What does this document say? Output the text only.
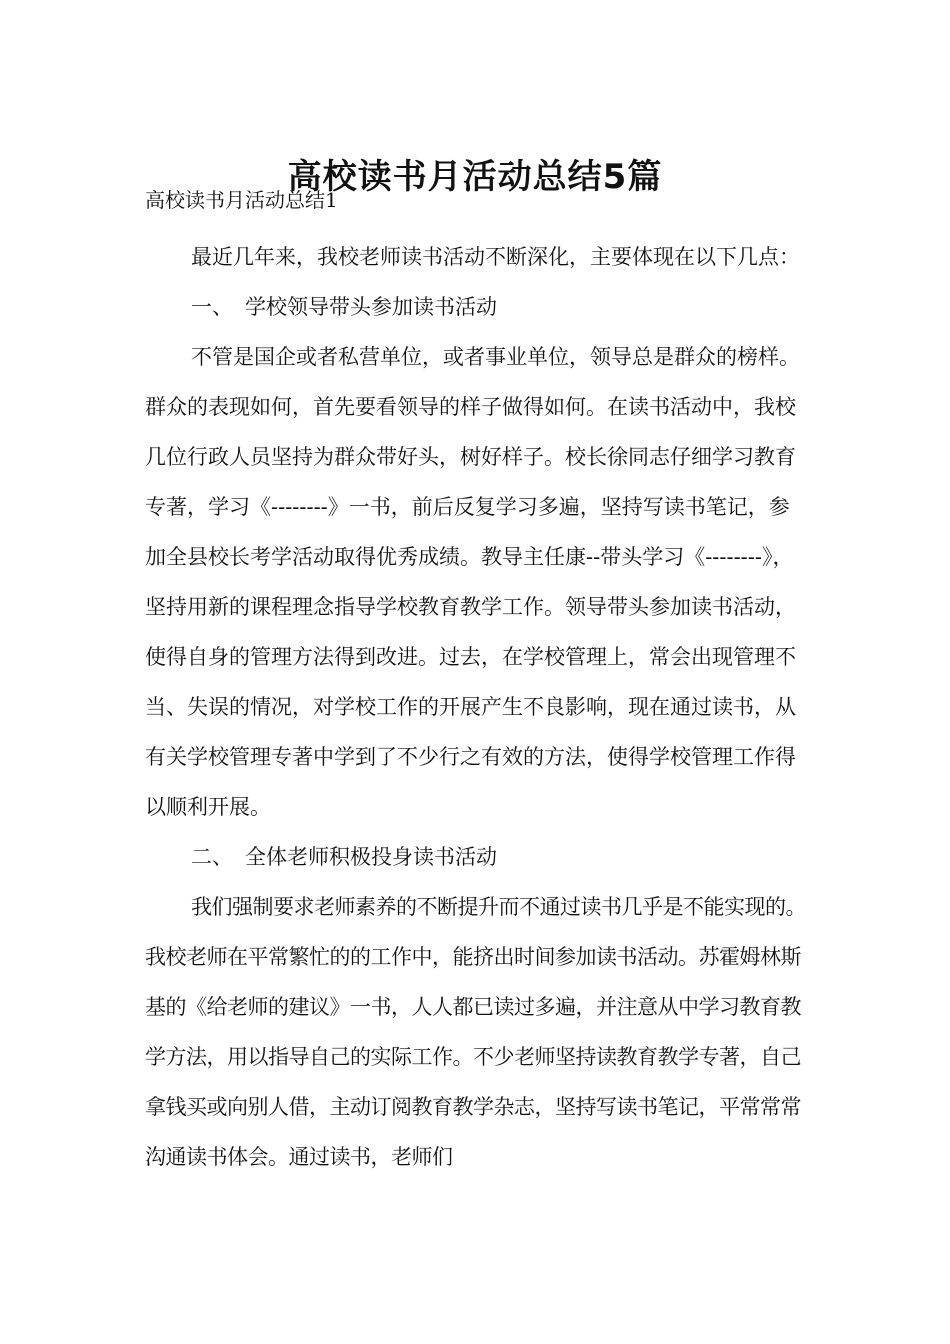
高校读书月活动总结5篇

高校读书月活动总结1

最近几年来，我校老师读书活动不断深化，主要体现在以下几点：

一、 学校领导带头参加读书活动

不管是国企或者私营单位，或者事业单位，领导总是群众的榜样。群众的表现如何，首先要看领导的样子做得如何。在读书活动中，我校几位行政人员坚持为群众带好头，树好样子。校长徐同志仔细学习教育专著，学习《--------》一书，前后反复学习多遍，坚持写读书笔记，参加全县校长考学活动取得优秀成绩。教导主任康--带头学习《--------》，坚持用新的课程理念指导学校教育教学工作。领导带头参加读书活动，使得自身的管理方法得到改进。过去，在学校管理上，常会出现管理不当、失误的情况，对学校工作的开展产生不良影响，现在通过读书，从有关学校管理专著中学到了不少行之有效的方法，使得学校管理工作得以顺利开展。

二、 全体老师积极投身读书活动

我们强制要求老师素养的不断提升而不通过读书几乎是不能实现的。我校老师在平常繁忙的的工作中，能挤出时间参加读书活动。苏霍姆林斯基的《给老师的建议》一书，人人都已读过多遍，并注意从中学习教育教学方法，用以指导自己的实际工作。不少老师坚持读教育教学专著，自己拿钱买或向别人借，主动订阅教育教学杂志，坚持写读书笔记，平常常常沟通读书体会。通过读书，老师们
